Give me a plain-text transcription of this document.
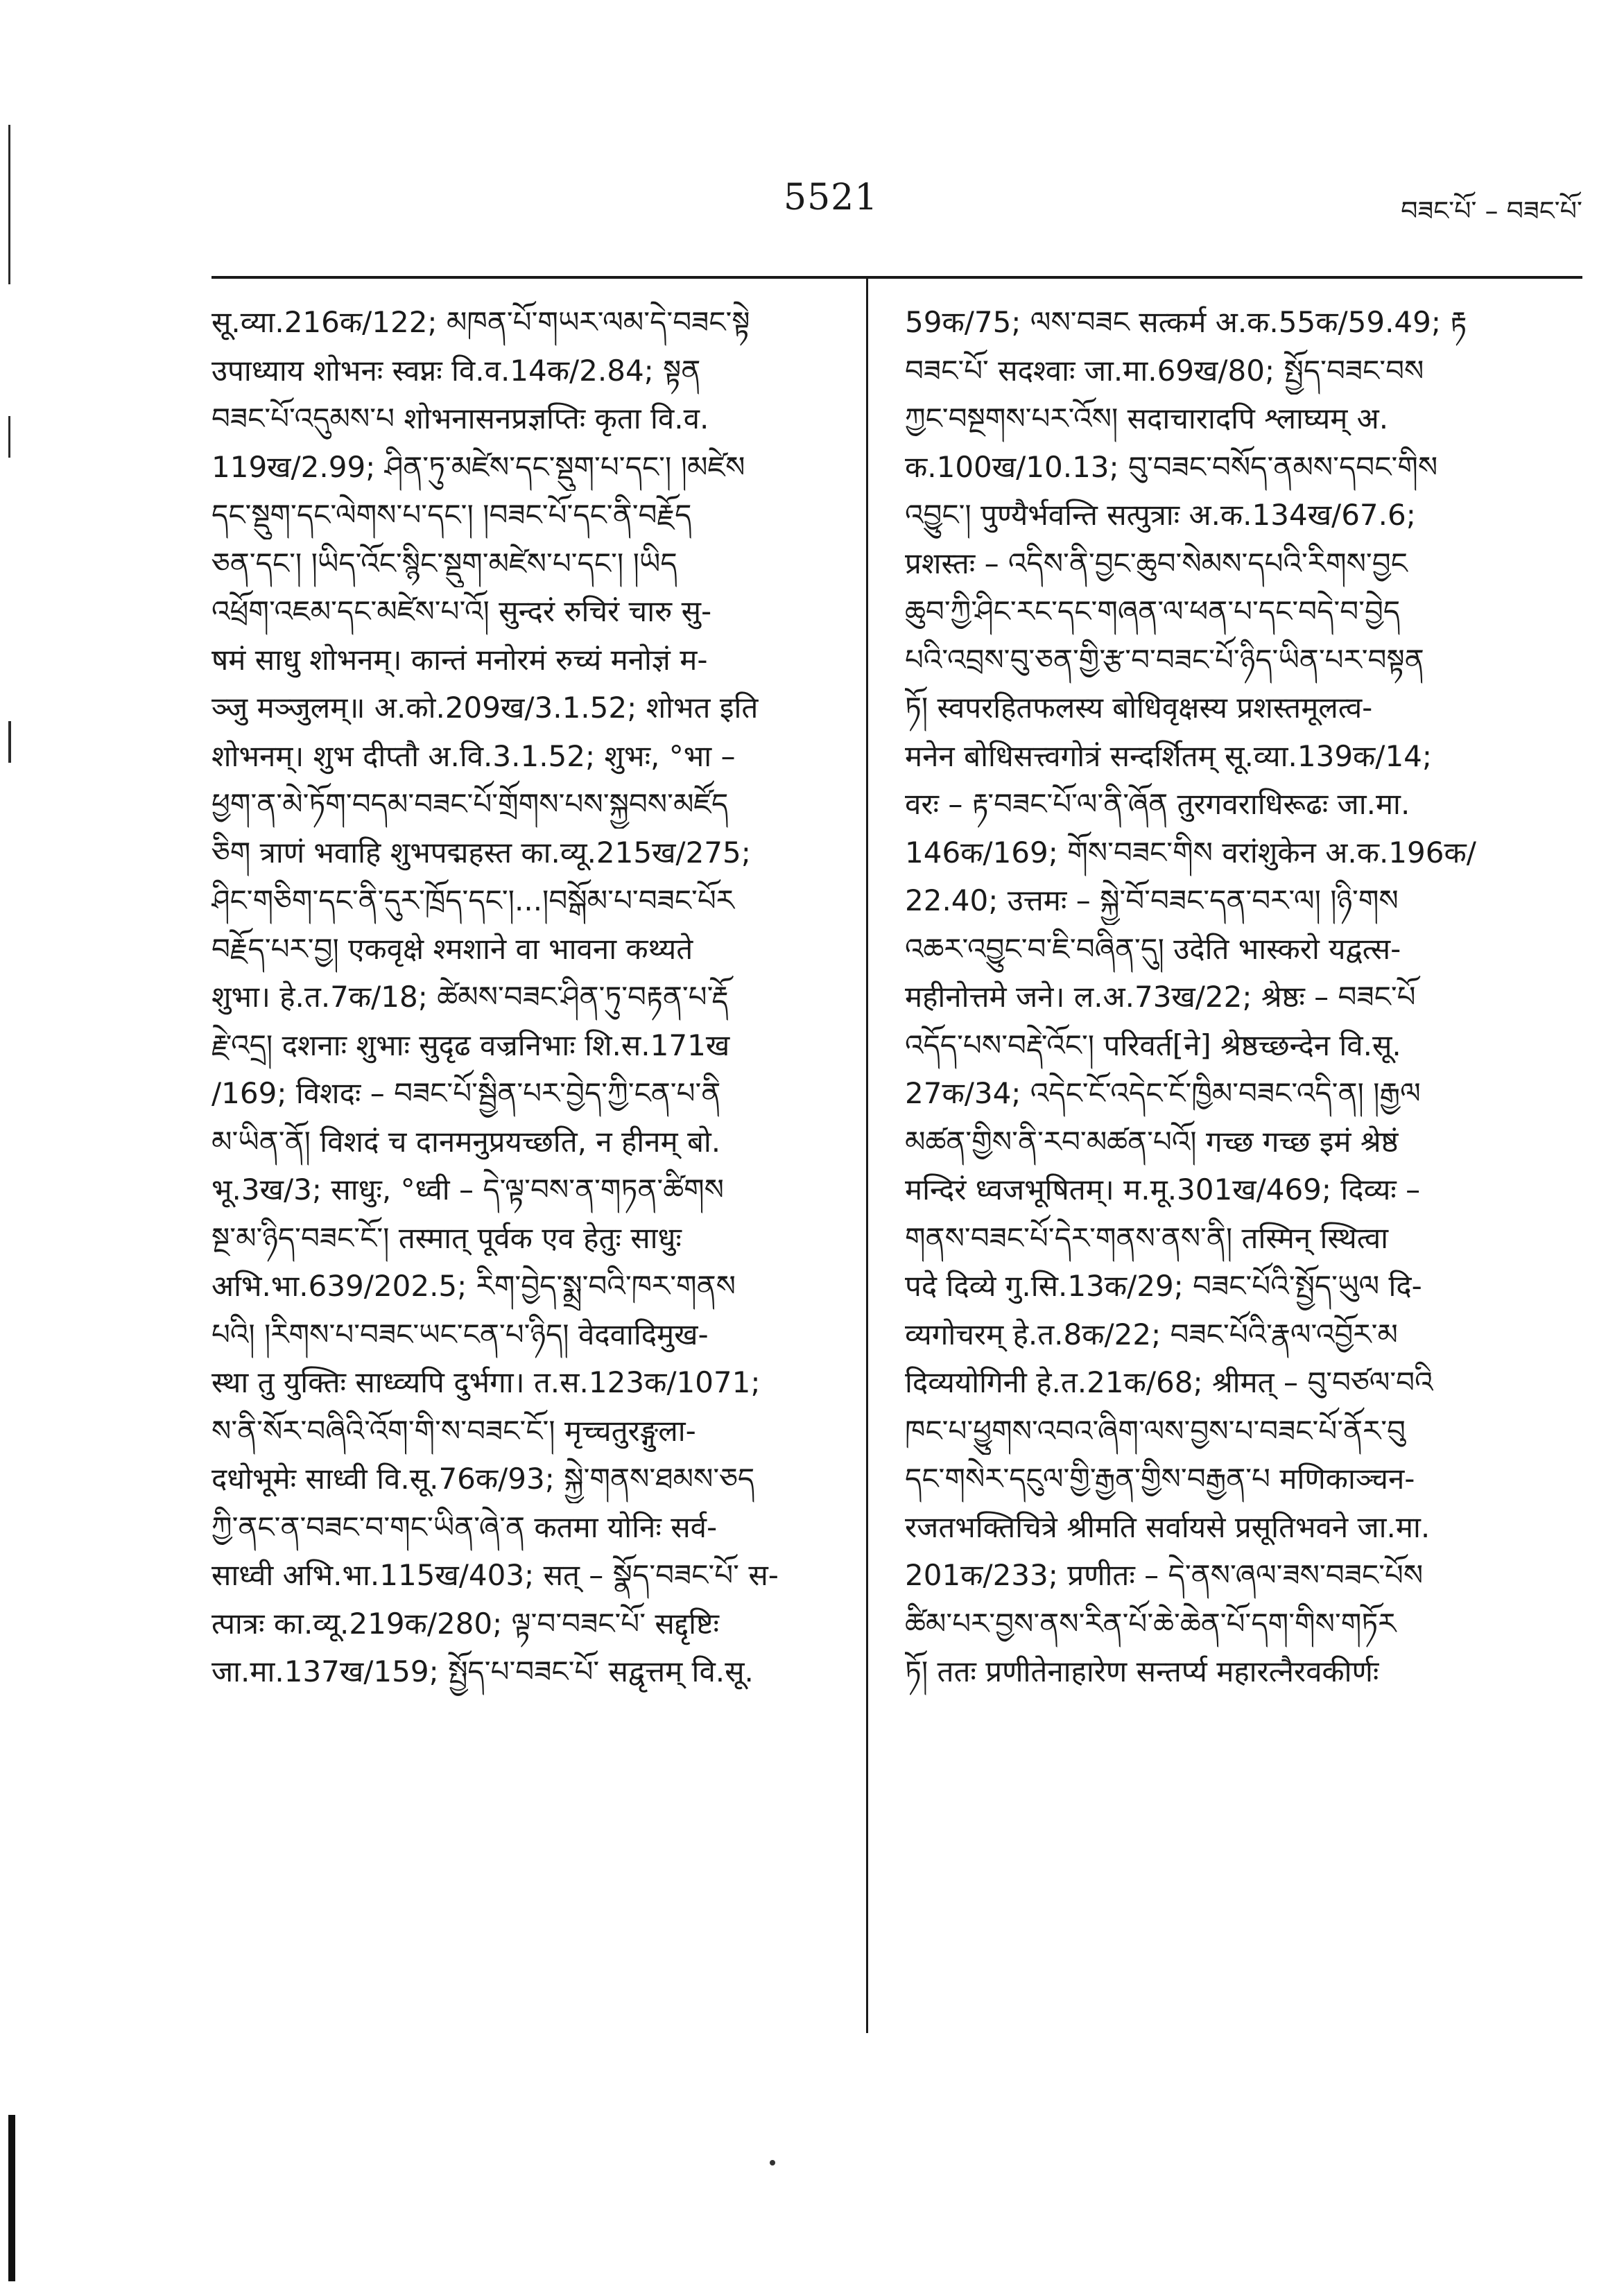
5521	བཟང་པོ་ – བཟང་པོ་
सू.व्या.216क/122; མཁན་པོ་གཡར་ལམ་དེ་བཟང་སྟེ
उपाध्याय शोभनः स्वप्नः वि.व.14क/2.84; སྟན
བཟང་པོ་འདུམས་པ शोभनासनप्रज्ञप्तिः कृता वि.व.
119ख/2.99; ཤིན་ཏུ་མཛེས་དང་སྡུག་པ་དང་། །མཛེས
དང་སྡུག་དང་ལེགས་པ་དང་། །བཟང་པོ་དང་ནི་བརྗོད
ཅན་དང་། །ཡིད་འོང་སྙིང་སྡུག་མཛེས་པ་དང་། །ཡིད
འཕྲོག་འཇམ་དང་མཛེས་པ་འོ། सुन्दरं रुचिरं चारु सु-
षमं साधु शोभनम्। कान्तं मनोरमं रुच्यं मनोज्ञं म-
ञ्जु मञ्जुलम्॥ अ.को.209ख/3.1.52; शोभत इति
शोभनम्। शुभ दीप्तौ अ.वि.3.1.52; शुभः, °भा –
ཕྱག་ན་མེ་ཏོག་བདམ་བཟང་པོ་གྲོགས་པས་སྐྱབས་མཛོད
ཅིག त्राणं भवाहि शुभपद्महस्त का.व्यू.215ख/275;
ཤིང་གཅིག་དང་ནི་དུར་ཁྲོད་དང་།...།བསྒོམ་པ་བཟང་པོར
བརྗོད་པར་བྱ། एकवृक्षे श्मशाने वा भावना कथ्यते
शुभा। हे.त.7क/18; ཚེམས་བཟང་ཤིན་ཏུ་བརྟན་པ་རྡོ
རྗེ་འདྲ། दशनाः शुभाः सुदृढ वज्रनिभाः शि.स.171ख
/169; विशदः – བཟང་པོ་སྦྱིན་པར་བྱེད་ཀྱི་ངན་པ་ནི
མ་ཡིན་ནོ། विशदं च दानमनुप्रयच्छति, न हीनम् बो.
भू.3ख/3; साधुः, °ध्वी – དེ་ལྟ་བས་ན་གཏན་ཚིགས
སྔ་མ་ཉིད་བཟང་ངོ་། तस्मात् पूर्वक एव हेतुः साधुः
अभि.भा.639/202.5; རིག་བྱེད་སྨྲ་བའི་ཁར་གནས
པའི། །རིགས་པ་བཟང་ཡང་ངན་པ་ཉིད། वेदवादिमुख-
स्था तु युक्तिः साध्व्यपि दुर्भगा। त.स.123क/1071;
ས་ནི་སོར་བཞིའི་འོག་གི་ས་བཟང་ངོ་། मृच्चतुरङ्गुला-
दधोभूमेः साध्वी वि.सू.76क/93; སྐྱེ་གནས་ཐམས་ཅད
ཀྱི་ནང་ན་བཟང་བ་གང་ཡིན་ཞེ་ན कतमा योनिः सर्व-
साध्वी अभि.भा.115ख/403; सत् – སྣོད་བཟང་པོ་ स-
त्पात्रः का.व्यू.219क/280; ལྟ་བ་བཟང་པོ་ सद्दृष्टिः
जा.मा.137ख/159; སྤྱོད་པ་བཟང་པོ་ सद्वृत्तम् वि.सू.
59क/75; ལས་བཟང सत्कर्म अ.क.55क/59.49; རྟ
བཟང་པོ་ सदश्वाः जा.मा.69ख/80; སྤྱོད་བཟང་བས
ཀྱང་བསྔགས་པར་འོས། सदाचारादपि श्लाघ्यम् अ.
क.100ख/10.13; བུ་བཟང་བསོད་ནམས་དབང་གིས
འབྱུང་། पुण्यैर्भवन्ति सत्पुत्राः अ.क.134ख/67.6;
प्रशस्तः – འདིས་ནི་བྱང་ཆུབ་སེམས་དཔའི་རིགས་བྱང
ཆུབ་ཀྱི་ཤིང་རང་དང་གཞན་ལ་ཕན་པ་དང་བདེ་བ་བྱེད
པའི་འབྲས་བུ་ཅན་གྱི་རྩ་བ་བཟང་པོ་ཉིད་ཡིན་པར་བསྟན
ཏོ། स्वपरहितफलस्य बोधिवृक्षस्य प्रशस्तमूलत्व-
मनेन बोधिसत्त्वगोत्रं सन्दर्शितम् सू.व्या.139क/14;
वरः – རྟ་བཟང་པོ་ལ་ནི་ཞོན तुरगवराधिरूढः जा.मा.
146क/169; གོས་བཟང་གིས वरांशुकेन अ.क.196क/
22.40; उत्तमः – སྐྱེ་བོ་བཟང་དན་བར་ལ། །ཉི་གས
འཆར་འབྱུང་བ་ཇི་བཞིན་དུ། उदेति भास्करो यद्वत्स-
महीनोत्तमे जने। ल.अ.73ख/22; श्रेष्ठः – བཟང་པོ
འདོད་པས་བརྡེ་འོང་། परिवर्त[ने] श्रेष्ठच्छन्देन वि.सू.
27क/34; འདེང་ངོ་འདེང་ངོ་ཁྱིམ་བཟང་འདི་ན། །རྒྱལ
མཚན་གྱིས་ནི་རབ་མཚན་པའོ། गच्छ गच्छ इमं श्रेष्ठं
मन्दिरं ध्वजभूषितम्। म.मू.301ख/469; दिव्यः –
གནས་བཟང་པོ་དེར་གནས་ནས་ནི། तस्मिन् स्थित्वा
पदे दिव्ये गु.सि.13क/29; བཟང་པོའི་སྤྱོད་ཡུལ दि-
व्यगोचरम् हे.त.8क/22; བཟང་པོའི་རྣལ་འབྱོར་མ
दिव्ययोगिनी हे.त.21क/68; श्रीमत् – བུ་བཙལ་བའི
ཁང་པ་ཕྱུགས་འབའ་ཞིག་ལས་བྱས་པ་བཟང་པོ་ནོར་བུ
དང་གསེར་དངུལ་གྱི་རྒྱན་གྱིས་བརྒྱན་པ मणिकाञ्चन-
रजतभक्तिचित्रे श्रीमति सर्वायसे प्रसूतिभवने जा.मा.
201क/233; प्रणीतः – དེ་ནས་ཞལ་ཟས་བཟང་པོས
ཚིམ་པར་བྱས་ནས་རིན་པོ་ཆེ་ཆེན་པོ་དག་གིས་གཏོར
ཏོ། ततः प्रणीतेनाहारेण सन्तर्प्य महारत्नैरवकीर्णः
